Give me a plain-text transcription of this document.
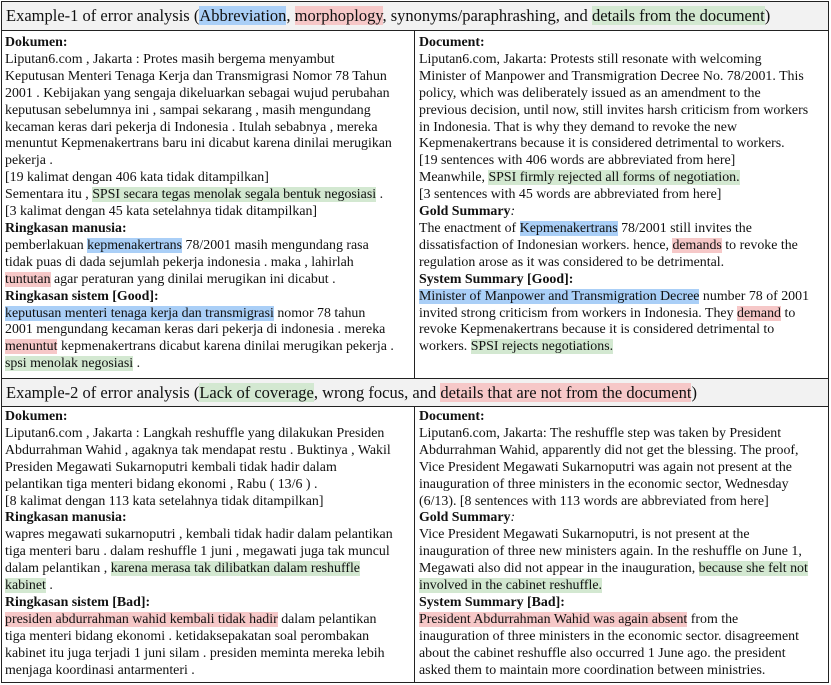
Example-1 of error analysis (Abbreviation, morphoplogy, synonyms/paraphrashing, and details from the document)
Dokumen:
Liputan6.com , Jakarta : Protes masih bergema menyambut
Keputusan Menteri Tenaga Kerja dan Transmigrasi Nomor 78 Tahun
2001 . Kebijakan yang sengaja dikeluarkan sebagai wujud perubahan
keputusan sebelumnya ini , sampai sekarang , masih mengundang
kecaman keras dari pekerja di Indonesia . Itulah sebabnya , mereka
menuntut Kepmenakertrans baru ini dicabut karena dinilai merugikan
pekerja .
[19 kalimat dengan 406 kata tidak ditampilkan]
Sementara itu , SPSI secara tegas menolak segala bentuk negosiasi .
[3 kalimat dengan 45 kata setelahnya tidak ditampilkan]
Ringkasan manusia:
pemberlakuan kepmenakertrans 78/2001 masih mengundang rasa
tidak puas di dada sejumlah pekerja indonesia . maka , lahirlah
tuntutan agar peraturan yang dinilai merugikan ini dicabut .
Ringkasan sistem [Good]:
keputusan menteri tenaga kerja dan transmigrasi nomor 78 tahun
2001 mengundang kecaman keras dari pekerja di indonesia . mereka
menuntut kepmenakertrans dicabut karena dinilai merugikan pekerja .
spsi menolak negosiasi .
Document:
Liputan6.com, Jakarta: Protests still resonate with welcoming
Minister of Manpower and Transmigration Decree No. 78/2001. This
policy, which was deliberately issued as an amendment to the
previous decision, until now, still invites harsh criticism from workers
in Indonesia. That is why they demand to revoke the new
Kepmenakertrans because it is considered detrimental to workers.
[19 sentences with 406 words are abbreviated from here]
Meanwhile, SPSI firmly rejected all forms of negotiation.
[3 sentences with 45 words are abbreviated from here]
Gold Summary:
The enactment of Kepmenakertrans 78/2001 still invites the
dissatisfaction of Indonesian workers. hence, demands to revoke the
regulation arose as it was considered to be detrimental.
System Summary [Good]:
Minister of Manpower and Transmigration Decree number 78 of 2001
invited strong criticism from workers in Indonesia. They demand to
revoke Kepmenakertrans because it is considered detrimental to
workers. SPSI rejects negotiations.
Example-2 of error analysis (Lack of coverage, wrong focus, and details that are not from the document)
Dokumen:
Liputan6.com , Jakarta : Langkah reshuffle yang dilakukan Presiden
Abdurrahman Wahid , agaknya tak mendapat restu . Buktinya , Wakil
Presiden Megawati Sukarnoputri kembali tidak hadir dalam
pelantikan tiga menteri bidang ekonomi , Rabu ( 13/6 ) .
[8 kalimat dengan 113 kata setelahnya tidak ditampilkan]
Ringkasan manusia:
wapres megawati sukarnoputri , kembali tidak hadir dalam pelantikan
tiga menteri baru . dalam reshuffle 1 juni , megawati juga tak muncul
dalam pelantikan , karena merasa tak dilibatkan dalam reshuffle
kabinet .
Ringkasan sistem [Bad]:
presiden abdurrahman wahid kembali tidak hadir dalam pelantikan
tiga menteri bidang ekonomi . ketidaksepakatan soal perombakan
kabinet itu juga terjadi 1 juni silam . presiden meminta mereka lebih
menjaga koordinasi antarmenteri .
Document:
Liputan6.com, Jakarta: The reshuffle step was taken by President
Abdurrahman Wahid, apparently did not get the blessing. The proof,
Vice President Megawati Sukarnoputri was again not present at the
inauguration of three ministers in the economic sector, Wednesday
(6/13). [8 sentences with 113 words are abbreviated from here]
Gold Summary:
Vice President Megawati Sukarnoputri, is not present at the
inauguration of three new ministers again. In the reshuffle on June 1,
Megawati also did not appear in the inauguration, because she felt not
involved in the cabinet reshuffle.
System Summary [Bad]:
President Abdurrahman Wahid was again absent from the
inauguration of three ministers in the economic sector. disagreement
about the cabinet reshuffle also occurred 1 June ago. the president
asked them to maintain more coordination between ministries.
